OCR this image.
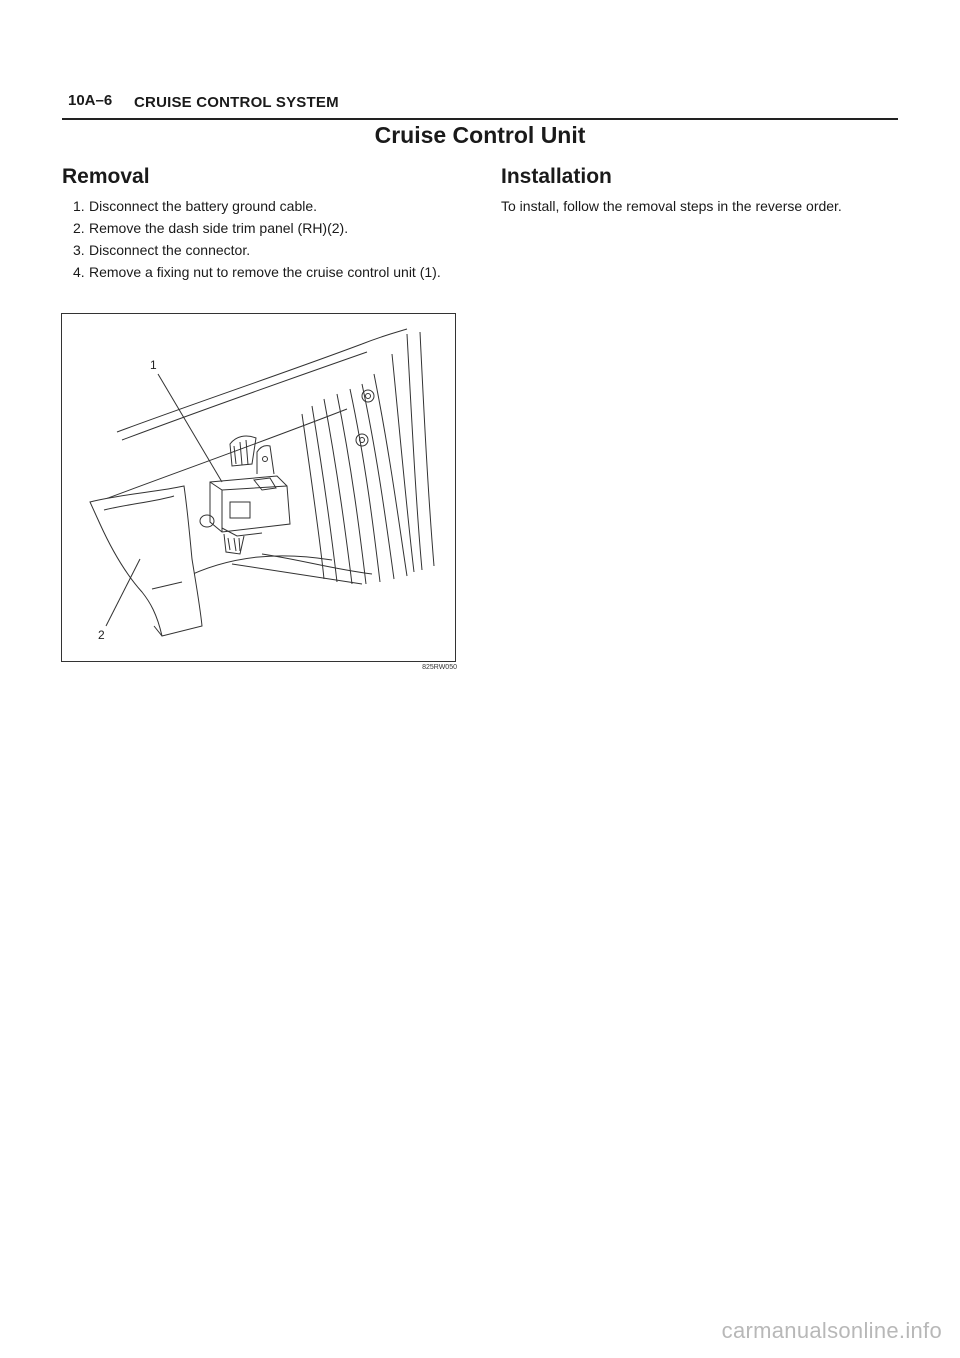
10A–6 CRUISE CONTROL SYSTEM
Cruise Control Unit
Removal
1. Disconnect the battery ground cable.
2. Remove the dash side trim panel (RH)(2).
3. Disconnect the connector.
4. Remove a fixing nut to remove the cruise control unit (1).
Installation

To install, follow the removal steps in the reverse order.

1
2
825RW050
carmanualsonline.info
